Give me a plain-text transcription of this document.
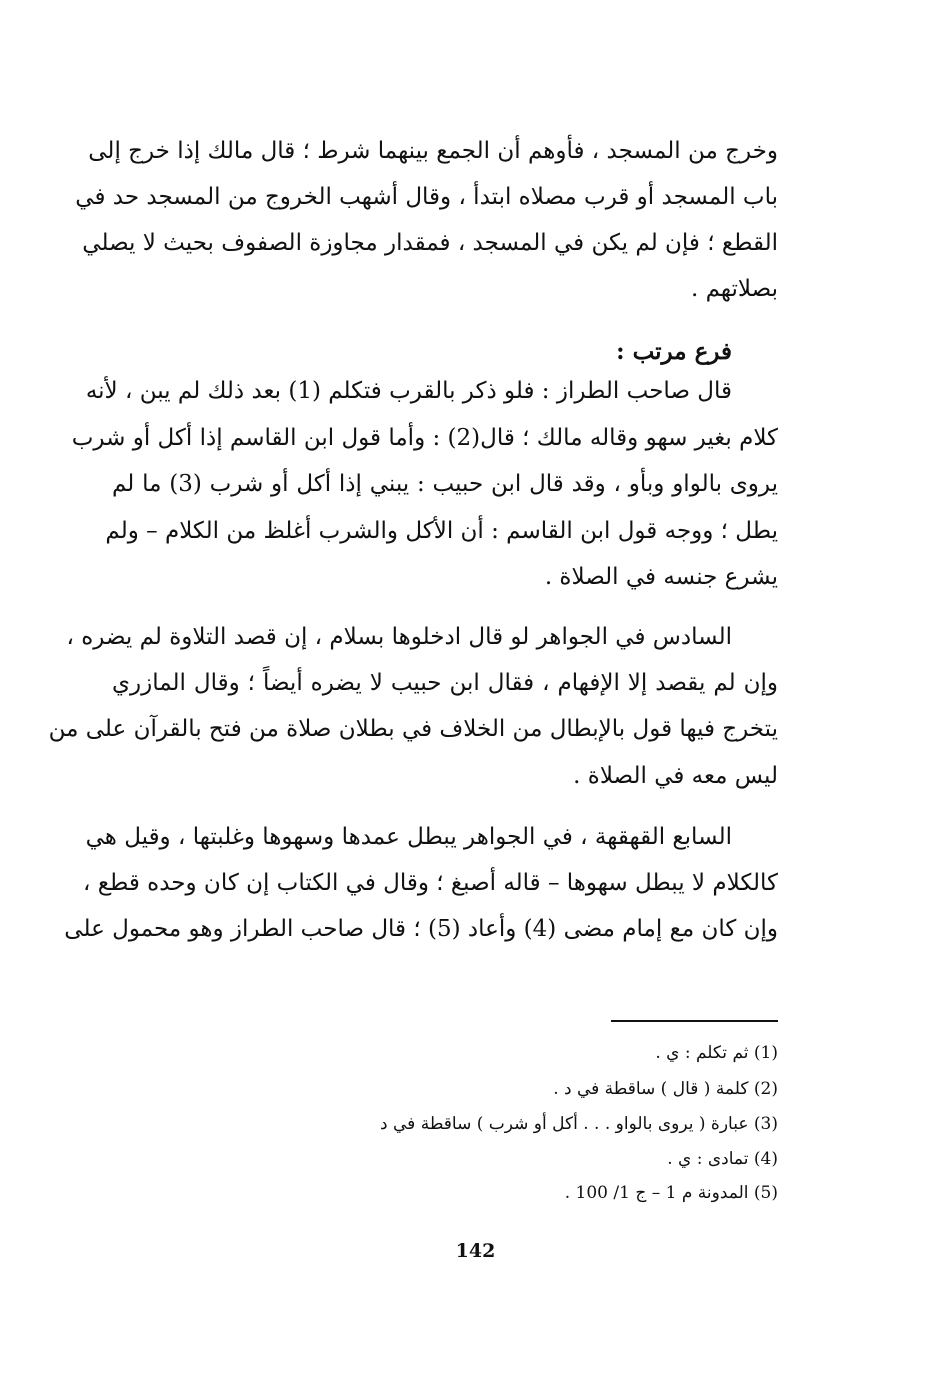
وخرج من المسجد ، فأوهم أن الجمع بينهما شرط ؛ قال مالك إذا خرج إلى
باب المسجد أو قرب مصلاه ابتدأ ، وقال أشهب الخروج من المسجد حد في
القطع ؛ فإن لم يكن في المسجد ، فمقدار مجاوزة الصفوف بحيث لا يصلي
بصلاتهم .
فرع مرتب :
قال صاحب الطراز : فلو ذكر بالقرب فتكلم (1) بعد ذلك لم يبن ، لأنه
كلام بغير سهو وقاله مالك ؛ قال(2) : وأما قول ابن القاسم إذا أكل أو شرب
يروى بالواو وبأو ، وقد قال ابن حبيب : يبني إذا أكل أو شرب (3) ما لم
يطل ؛ ووجه قول ابن القاسم : أن الأكل والشرب أغلظ من الكلام – ولم
يشرع جنسه في الصلاة .
السادس في الجواهر لو قال ادخلوها بسلام ، إن قصد التلاوة لم يضره ،
وإن لم يقصد إلا الإفهام ، فقال ابن حبيب لا يضره أيضاً ؛ وقال المازري
يتخرج فيها قول بالإبطال من الخلاف في بطلان صلاة من فتح بالقرآن على من
ليس معه في الصلاة .
السابع القهقهة ، في الجواهر يبطل عمدها وسهوها وغلبتها ، وقيل هي
كالكلام لا يبطل سهوها – قاله أصبغ ؛ وقال في الكتاب إن كان وحده قطع ،
وإن كان مع إمام مضى (4) وأعاد (5) ؛ قال صاحب الطراز وهو محمول على
(1) ثم تكلم : ي .
(2) كلمة ( قال ) ساقطة في د .
(3) عبارة ( يروى بالواو . . . أكل أو شرب ) ساقطة في د
(4) تمادى : ي .
(5) المدونة م 1 – ج 1/ 100 .
142
